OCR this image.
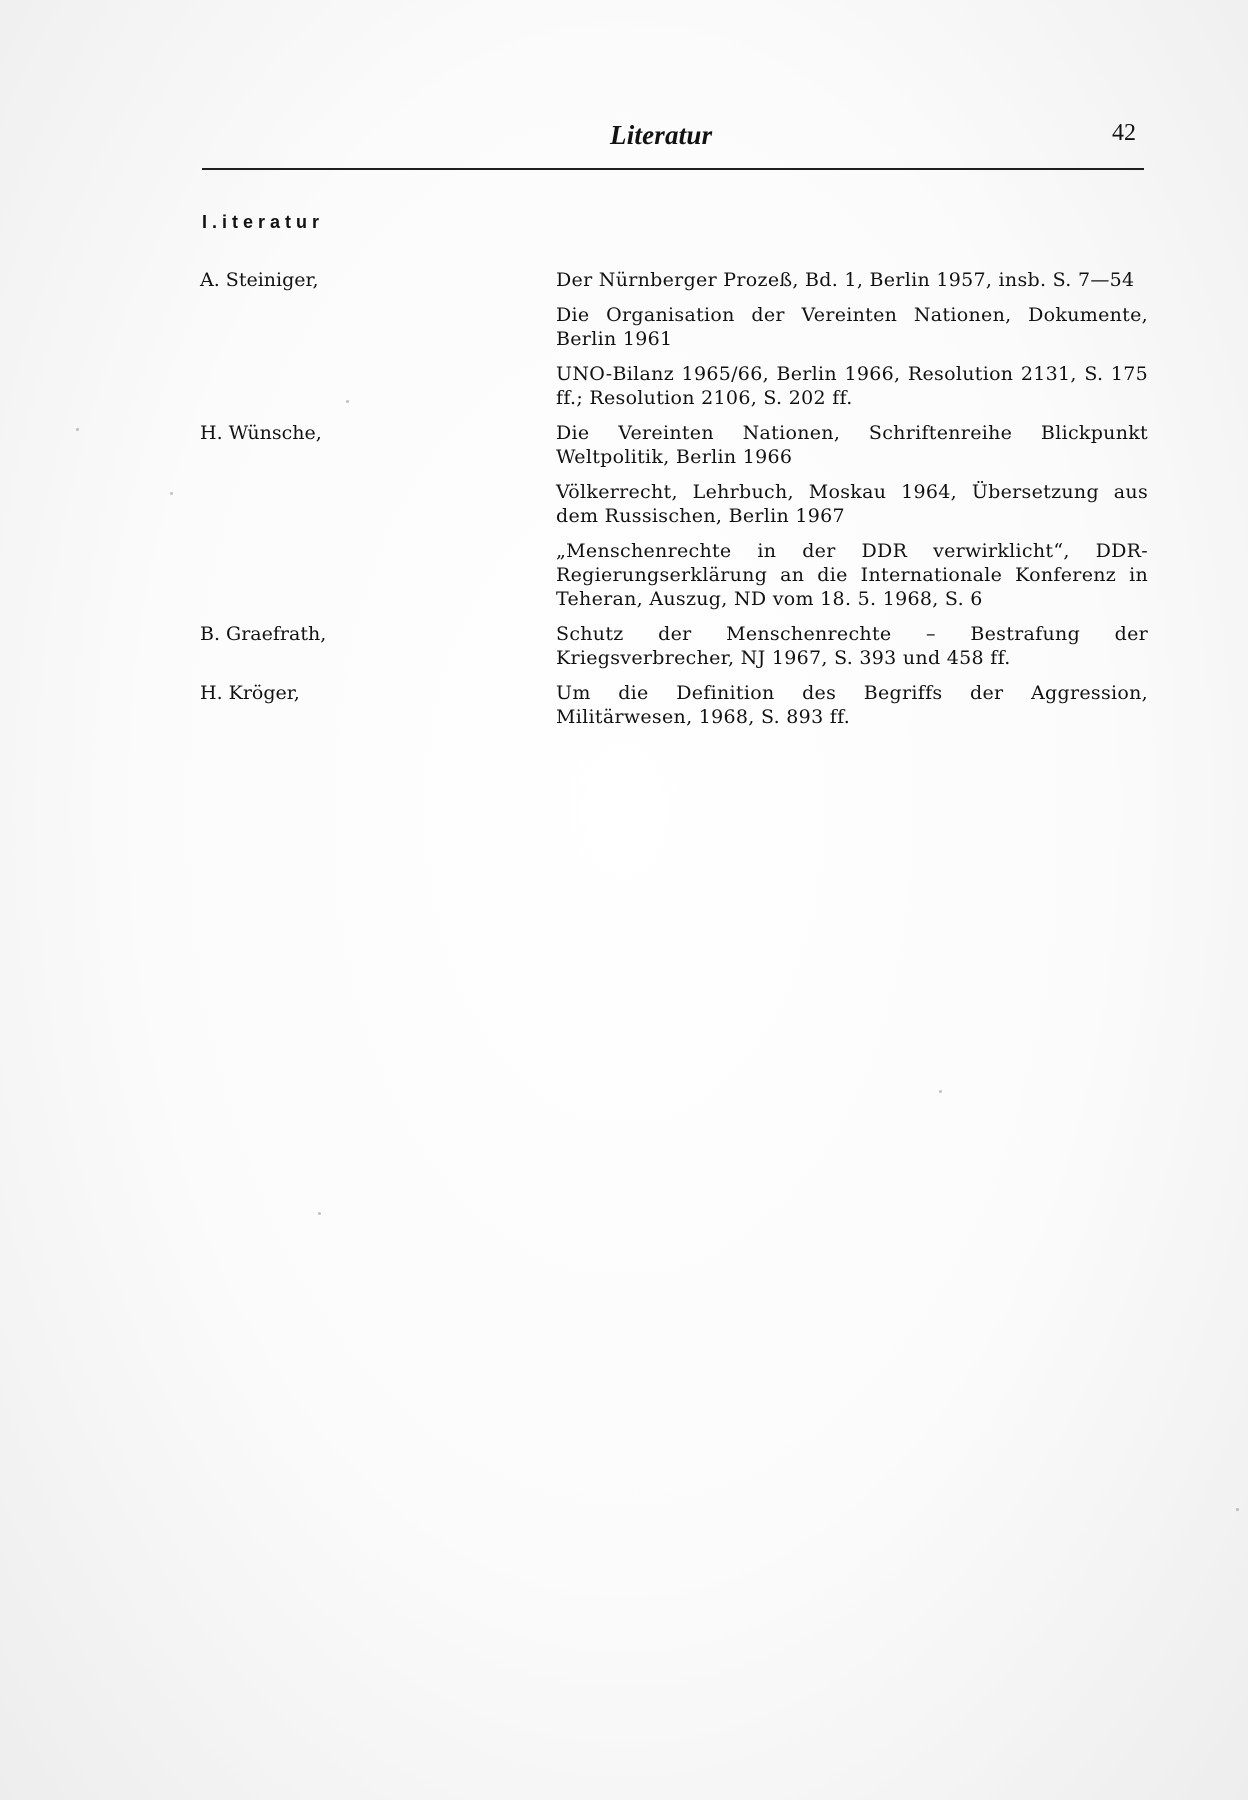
Literatur	42
I.iteratur
A. Steiniger,	Der Nürnberger Prozeß, Bd. 1, Berlin 1957, insb. S. 7—54
Die Organisation der Vereinten Nationen, Dokumente, Berlin 1961
UNO-Bilanz 1965/66, Berlin 1966, Resolution 2131, S. 175 ff.; Resolution 2106, S. 202 ff.
H. Wünsche,	Die Vereinten Nationen, Schriftenreihe Blickpunkt Weltpolitik, Berlin 1966
Völkerrecht, Lehrbuch, Moskau 1964, Übersetzung aus dem Russischen, Berlin 1967
„Menschenrechte in der DDR verwirklicht“, DDR-Regierungserklärung an die Internationale Konferenz in Teheran, Auszug, ND vom 18. 5. 1968, S. 6
B. Graefrath,	Schutz der Menschenrechte – Bestrafung der Kriegsverbrecher, NJ 1967, S. 393 und 458 ff.
H. Kröger,	Um die Definition des Begriffs der Aggression, Militärwesen, 1968, S. 893 ff.
